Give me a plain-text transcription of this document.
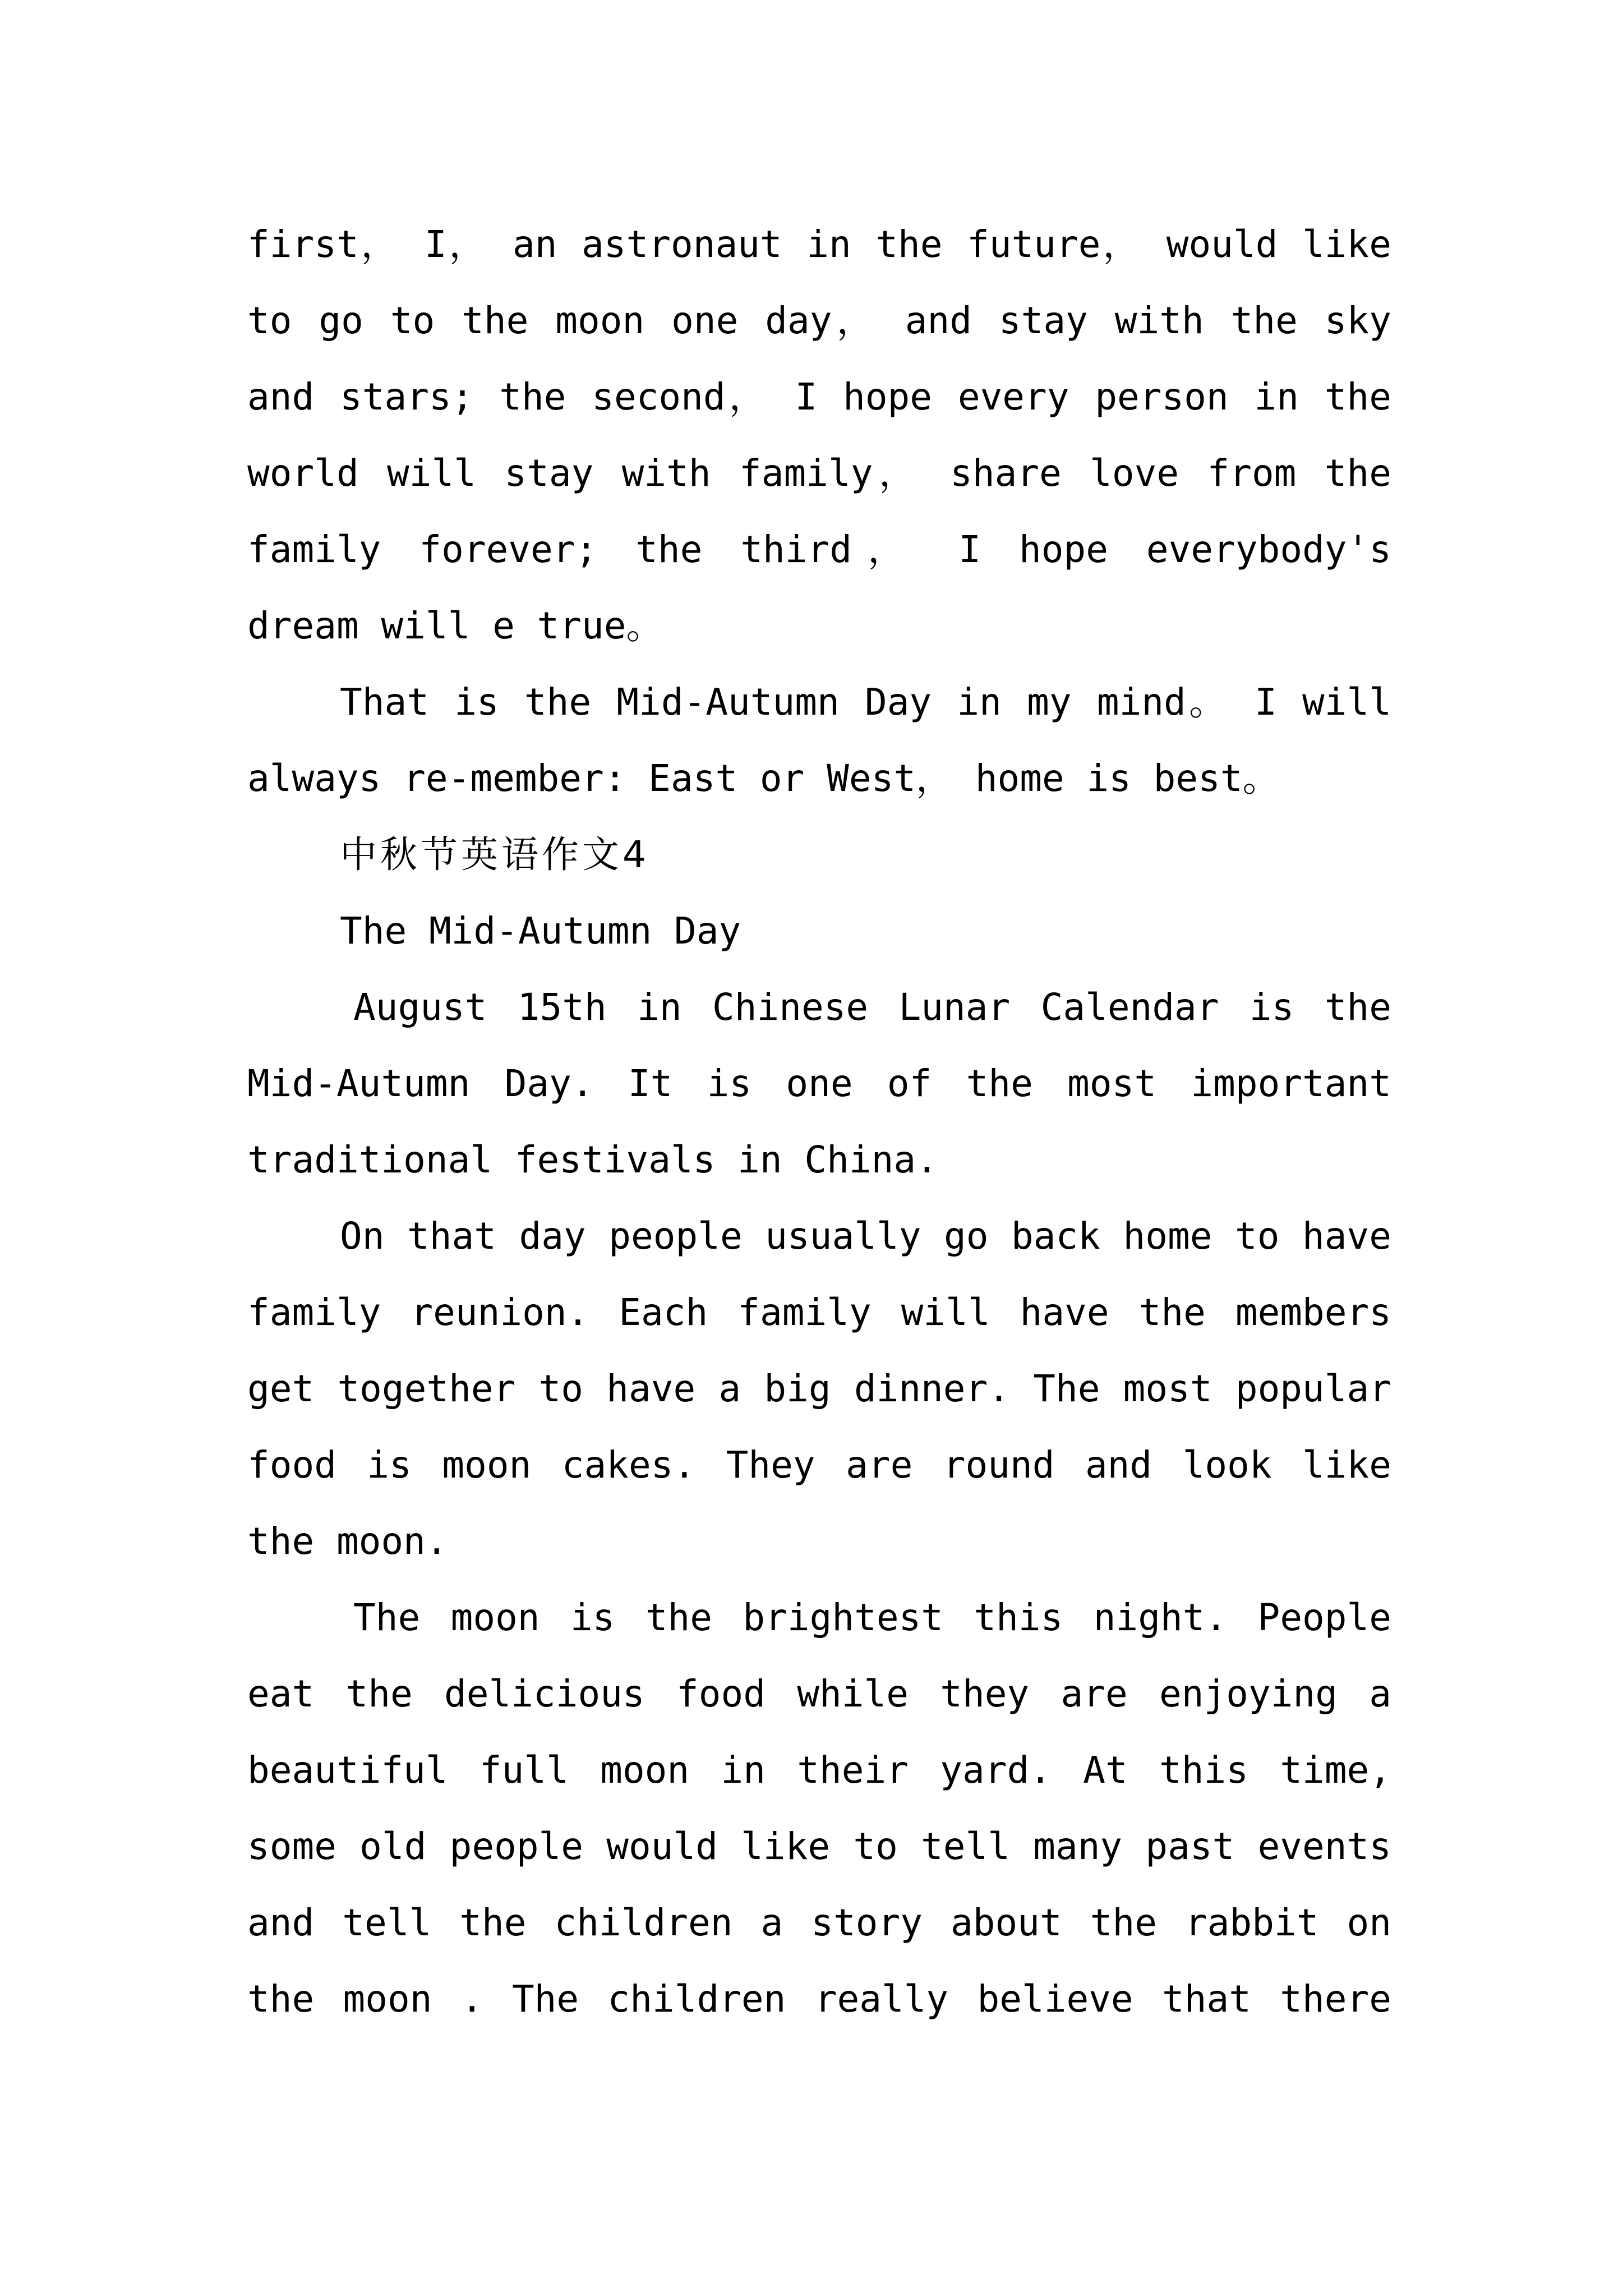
first， I， an astronaut in the future， would like
to go to the moon one day， and stay with the sky
and stars; the second， I hope every person in the
world will stay with family， share love from the
family forever; the third， I hope everybody's
dream will e true。
That is the Mid-Autumn Day in my mind。 I will
always re-member: East or West， home is best。
中秋节英语作文4
The Mid-Autumn Day
August 15th in Chinese Lunar Calendar is the
Mid-Autumn Day. It is one of the most important
traditional festivals in China.
On that day people usually go back home to have
family reunion. Each family will have the members
get together to have a big dinner. The most popular
food is moon cakes. They are round and look like
the moon.
The moon is the brightest this night. People
eat the delicious food while they are enjoying a
beautiful full moon in their yard. At this time,
some old people would like to tell many past events
and tell the children a story about the rabbit on
the moon . The children really believe that there
